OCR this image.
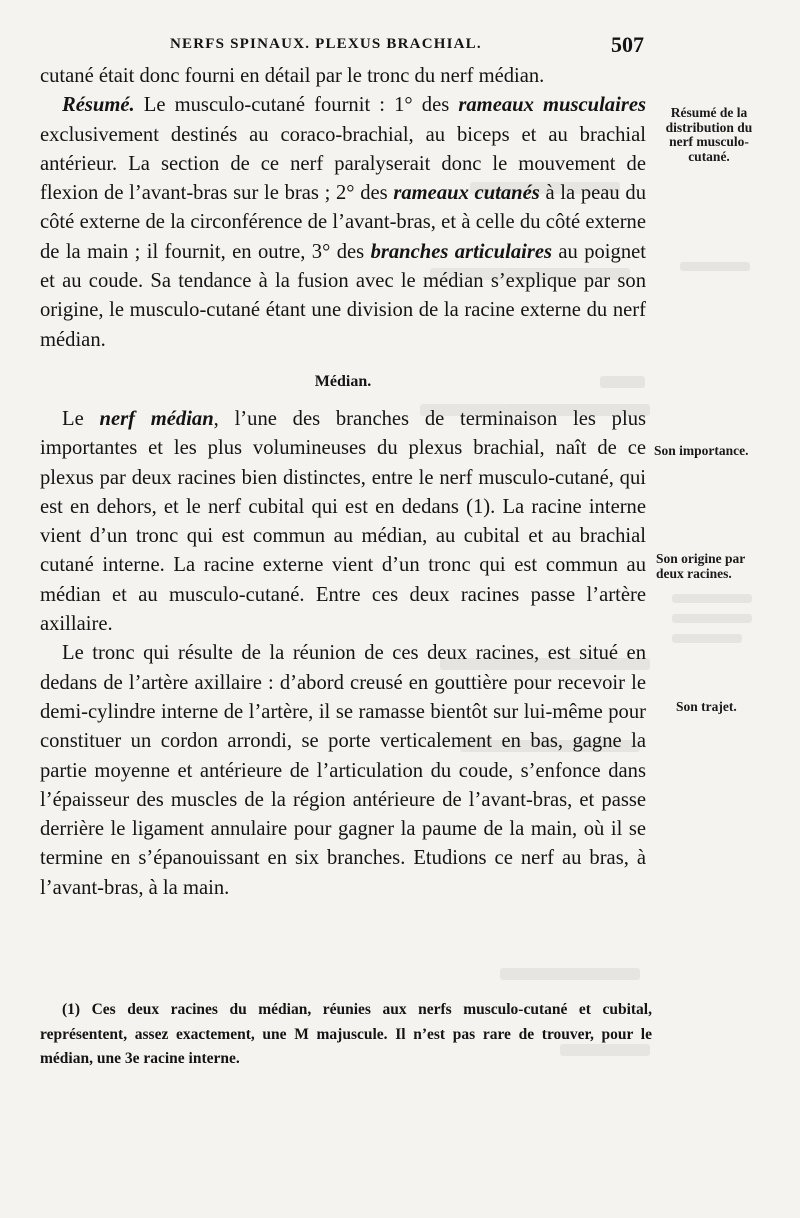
NERFS SPINAUX. PLEXUS BRACHIAL.	507

cutané était donc fourni en détail par le tronc du nerf médian.

Résumé. Le musculo-cutané fournit : 1° des rameaux musculaires exclusivement destinés au coraco-brachial, au biceps et au brachial antérieur. La section de ce nerf paralyserait donc le mouvement de flexion de l’avant-bras sur le bras ; 2° des rameaux cutanés à la peau du côté externe de la circonférence de l’avant-bras, et à celle du côté externe de la main ; il fournit, en outre, 3° des branches articulaires au poignet et au coude. Sa tendance à la fusion avec le médian s’explique par son origine, le musculo-cutané étant une division de la racine externe du nerf médian.

Médian.

Le nerf médian, l’une des branches de terminaison les plus importantes et les plus volumineuses du plexus brachial, naît de ce plexus par deux racines bien distinctes, entre le nerf musculo-cutané, qui est en dehors, et le nerf cubital qui est en dedans (1). La racine interne vient d’un tronc qui est commun au médian, au cubital et au brachial cutané interne. La racine externe vient d’un tronc qui est commun au médian et au musculo-cutané. Entre ces deux racines passe l’artère axillaire.

Le tronc qui résulte de la réunion de ces deux racines, est situé en dedans de l’artère axillaire : d’abord creusé en gouttière pour recevoir le demi-cylindre interne de l’artère, il se ramasse bientôt sur lui-même pour constituer un cordon arrondi, se porte verticalement en bas, gagne la partie moyenne et antérieure de l’articulation du coude, s’enfonce dans l’épaisseur des muscles de la région antérieure de l’avant-bras, et passe derrière le ligament annulaire pour gagner la paume de la main, où il se termine en s’épanouissant en six branches. Etudions ce nerf au bras, à l’avant-bras, à la main.

(1) Ces deux racines du médian, réunies aux nerfs musculo-cutané et cubital, représentent, assez exactement, une M majuscule. Il n’est pas rare de trouver, pour le médian, une 3e racine interne.

Résumé de la distribution du nerf musculo-cutané.
Son importance.
Son origine par deux racines.
Son trajet.
